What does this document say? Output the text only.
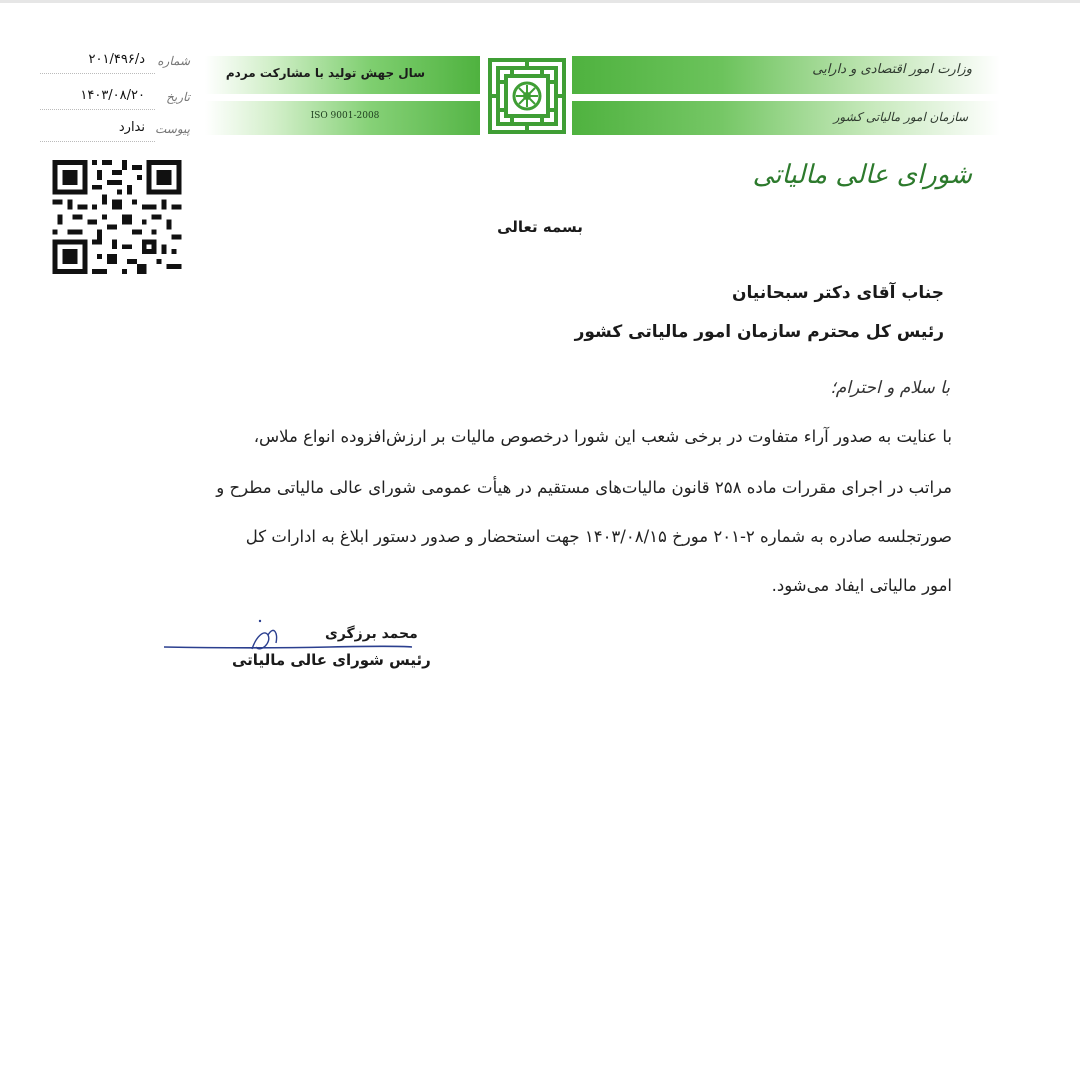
وزارت امور اقتصادی و دارایی
سازمان امور مالیاتی کشور
سال جهش تولید با مشارکت مردم
ISO 9001-2008
شماره
د/۲۰۱/۴۹۶
تاریخ
۱۴۰۳/۰۸/۲۰
پیوست
ندارد
شورای عالی مالیاتی
بسمه تعالی
جناب آقای دکتر سبحانیان
رئیس کل محترم سازمان امور مالیاتی کشور
با سلام و احترام؛
با عنایت به صدور آراء متفاوت در برخی شعب این شورا درخصوص مالیات بر ارزش‌افزوده انواع ملاس،
مراتب در اجرای مقررات ماده ۲۵۸ قانون مالیات‌های مستقیم در هیأت عمومی شورای عالی مالیاتی مطرح و
صورتجلسه صادره به شماره ۲-۲۰۱ مورخ ۱۴۰۳/۰۸/۱۵ جهت استحضار و صدور دستور ابلاغ به ادارات کل
امور مالیاتی ایفاد می‌شود.
محمد برزگری
رئیس شورای عالی مالیاتی
